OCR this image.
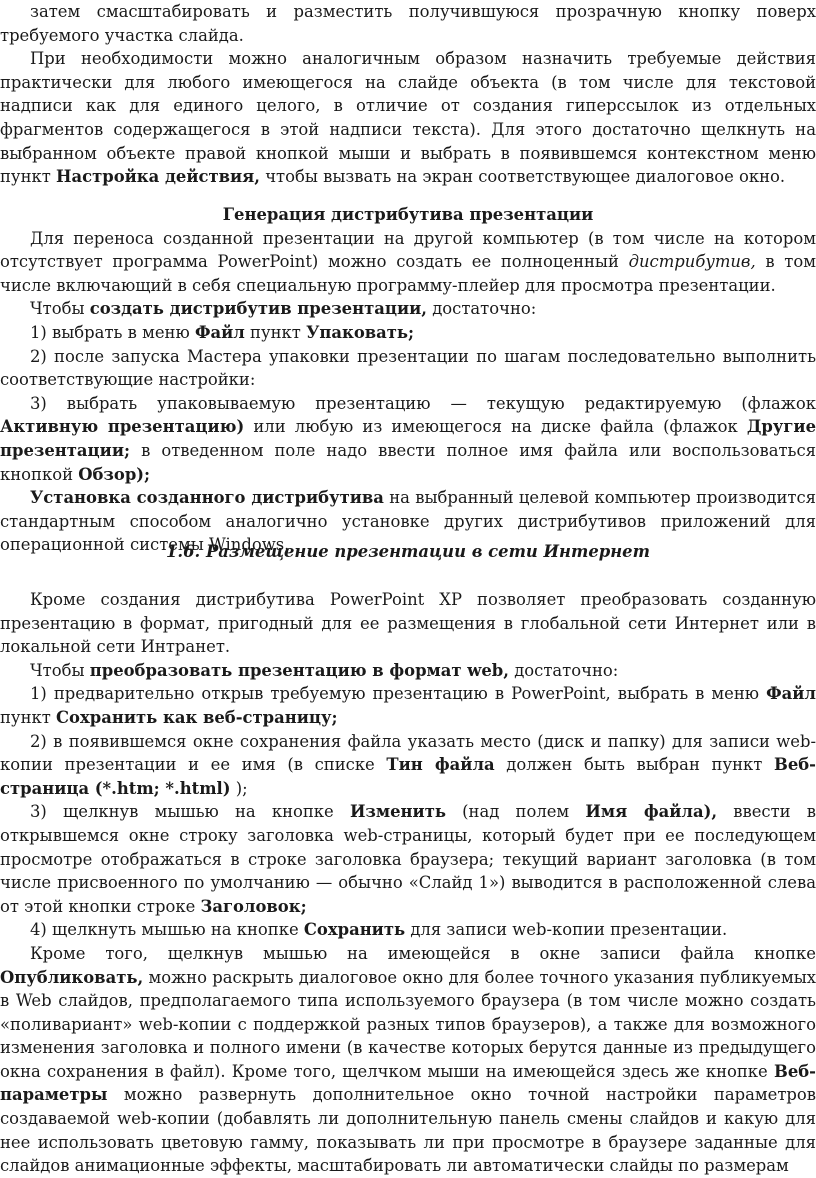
затем смасштабировать и разместить получившуюся прозрачную кнопку поверх требуемого участка слайда.

При необходимости можно аналогичным образом назначить требуемые действия практически для любого имеющегося на слайде объекта (в том числе для текстовой надписи как для единого целого, в отличие от создания гиперссылок из отдельных фрагментов содержащегося в этой надписи текста). Для этого достаточно щелкнуть на выбранном объекте правой кнопкой мыши и выбрать в появившемся контекстном меню пункт Настройка действия, чтобы вызвать на экран соответствующее диалоговое окно.

Генерация дистрибутива презентации

Для переноса созданной презентации на другой компьютер (в том числе на котором отсутствует программа PowerPoint) можно создать ее полноценный дистрибутив, в том числе включающий в себя специальную программу-плейер для просмотра презентации.

Чтобы создать дистрибутив презентации, достаточно:

1) выбрать в меню Файл пункт Упаковать;

2) после запуска Мастера упаковки презентации по шагам последовательно выполнить соответствующие настройки:

3) выбрать упаковываемую презентацию — текущую редактируемую (флажок Активную презентацию) или любую из имеющегося на диске файла (флажок Другие презентации; в отведенном поле надо ввести полное имя файла или воспользоваться кнопкой Обзор);

Установка созданного дистрибутива на выбранный целевой компьютер производится стандартным способом аналогично установке других дистрибутивов приложений для операционной системы Windows.

1.6. Размещение презентации в сети Интернет

Кроме создания дистрибутива PowerPoint XP позволяет преобразовать созданную презентацию в формат, пригодный для ее размещения в глобальной сети Интернет или в локальной сети Интранет.

Чтобы преобразовать презентацию в формат web, достаточно:

1) предварительно открыв требуемую презентацию в PowerPoint, выбрать в меню Файл пункт Сохранить как веб-страницу;

2) в появившемся окне сохранения файла указать место (диск и папку) для записи web-копии презентации и ее имя (в списке Тин файла должен быть выбран пункт Веб-страница (*.htm; *.html) );

3) щелкнув мышью на кнопке Изменить (над полем Имя файла), ввести в открывшемся окне строку заголовка web-страницы, который будет при ее последующем просмотре отображаться в строке заголовка браузера; текущий вариант заголовка (в том числе присвоенного по умолчанию — обычно «Слайд 1») выводится в расположенной слева от этой кнопки строке Заголовок;

4) щелкнуть мышью на кнопке Сохранить для записи web-копии презентации.

Кроме того, щелкнув мышью на имеющейся в окне записи файла кнопке Опубликовать, можно раскрыть диалоговое окно для более точного указания публикуемых в Web слайдов, предполагаемого типа используемого браузера (в том числе можно создать «поливариант» web-копии с поддержкой разных типов браузеров), а также для возможного изменения заголовка и полного имени (в качестве которых берутся данные из предыдущего окна сохранения в файл). Кроме того, щелчком мыши на имеющейся здесь же кнопке Веб-параметры можно развернуть дополнительное окно точной настройки параметров создаваемой web-копии (добавлять ли дополнительную панель смены слайдов и какую для нее использовать цветовую гамму, показывать ли при просмотре в браузере заданные для слайдов анимационные эффекты, масштабировать ли автоматически слайды по размерам
